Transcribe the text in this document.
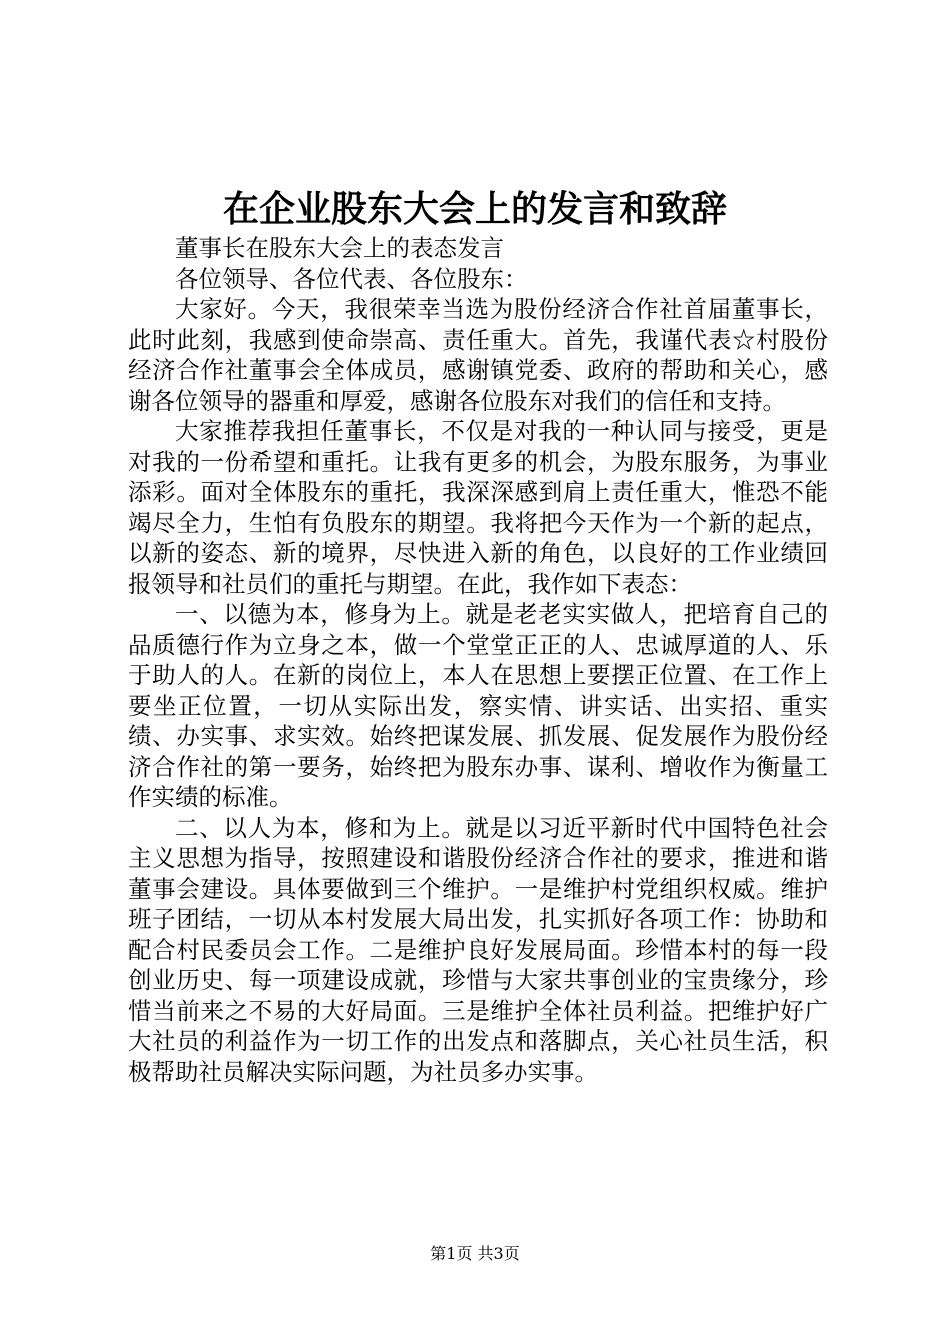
在企业股东大会上的发言和致辞

董事长在股东大会上的表态发言

各位领导、各位代表、各位股东：

大家好。今天，我很荣幸当选为股份经济合作社首届董事长，此时此刻，我感到使命崇高、责任重大。首先，我谨代表☆村股份经济合作社董事会全体成员，感谢镇党委、政府的帮助和关心，感谢各位领导的器重和厚爱，感谢各位股东对我们的信任和支持。

大家推荐我担任董事长，不仅是对我的一种认同与接受，更是对我的一份希望和重托。让我有更多的机会，为股东服务，为事业添彩。面对全体股东的重托，我深深感到肩上责任重大，惟恐不能竭尽全力，生怕有负股东的期望。我将把今天作为一个新的起点，以新的姿态、新的境界，尽快进入新的角色，以良好的工作业绩回报领导和社员们的重托与期望。在此，我作如下表态：

一、以德为本，修身为上。就是老老实实做人，把培育自己的品质德行作为立身之本，做一个堂堂正正的人、忠诚厚道的人、乐于助人的人。在新的岗位上，本人在思想上要摆正位置、在工作上要坐正位置，一切从实际出发，察实情、讲实话、出实招、重实绩、办实事、求实效。始终把谋发展、抓发展、促发展作为股份经济合作社的第一要务，始终把为股东办事、谋利、增收作为衡量工作实绩的标准。

二、以人为本，修和为上。就是以习近平新时代中国特色社会主义思想为指导，按照建设和谐股份经济合作社的要求，推进和谐董事会建设。具体要做到三个维护。一是维护村党组织权威。维护班子团结，一切从本村发展大局出发，扎实抓好各项工作：协助和配合村民委员会工作。二是维护良好发展局面。珍惜本村的每一段创业历史、每一项建设成就，珍惜与大家共事创业的宝贵缘分，珍惜当前来之不易的大好局面。三是维护全体社员利益。把维护好广大社员的利益作为一切工作的出发点和落脚点，关心社员生活，积极帮助社员解决实际问题，为社员多办实事。

第1页 共3页
